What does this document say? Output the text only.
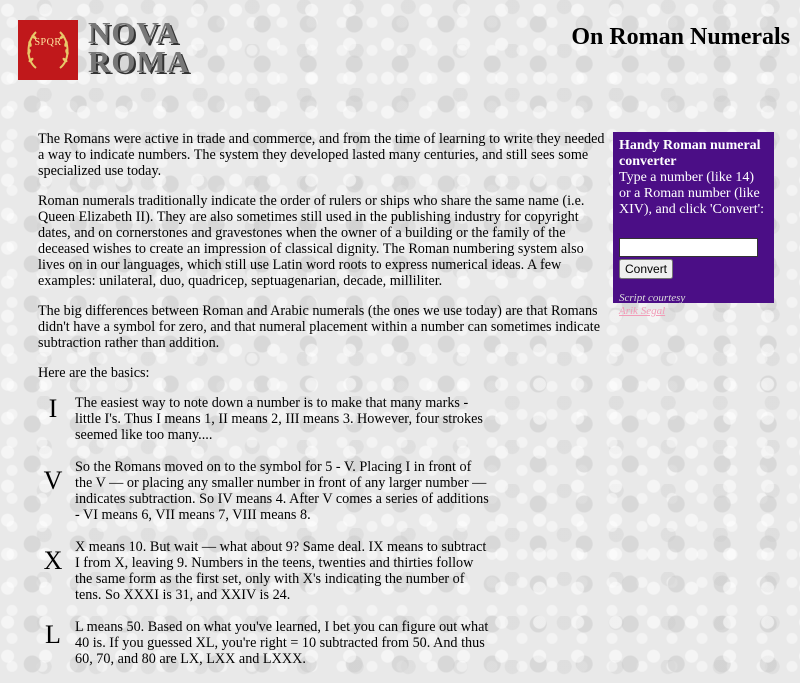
SPQR NOVA
ROMA
On Roman Numerals

The Romans were active in trade and commerce, and from the time of learning to write they needed a way to indicate numbers. The system they developed lasted many centuries, and still sees some specialized use today.

Roman numerals traditionally indicate the order of rulers or ships who share the same name (i.e. Queen Elizabeth II). They are also sometimes still used in the publishing industry for copyright dates, and on cornerstones and gravestones when the owner of a building or the family of the deceased wishes to create an impression of classical dignity. The Roman numbering system also lives on in our languages, which still use Latin word roots to express numerical ideas. A few examples: unilateral, duo, quadricep, septuagenarian, decade, milliliter.

The big differences between Roman and Arabic numerals (the ones we use today) are that Romans didn't have a symbol for zero, and that numeral placement within a number can sometimes indicate subtraction rather than addition.

Here are the basics:

I	The easiest way to note down a number is to make that many marks - little I's. Thus I means 1, II means 2, III means 3. However, four strokes seemed like too many....
V So the Romans moved on to the symbol for 5 - V. Placing I in front of the V — or placing any smaller number in front of any larger number — indicates subtraction. So IV means 4. After V comes a series of additions - VI means 6, VII means 7, VIII means 8.
X X means 10. But wait — what about 9? Same deal. IX means to subtract I from X, leaving 9. Numbers in the teens, twenties and thirties follow the same form as the first set, only with X's indicating the number of tens. So XXXI is 31, and XXIV is 24.
L L means 50. Based on what you've learned, I bet you can figure out what 40 is. If you guessed XL, you're right = 10 subtracted from 50. And thus 60, 70, and 80 are LX, LXX and LXXX.
Handy Roman numeral converter
Type a number (like 14) or a Roman number (like XIV), and click 'Convert':
Convert
Script courtesy
Arik Segal
